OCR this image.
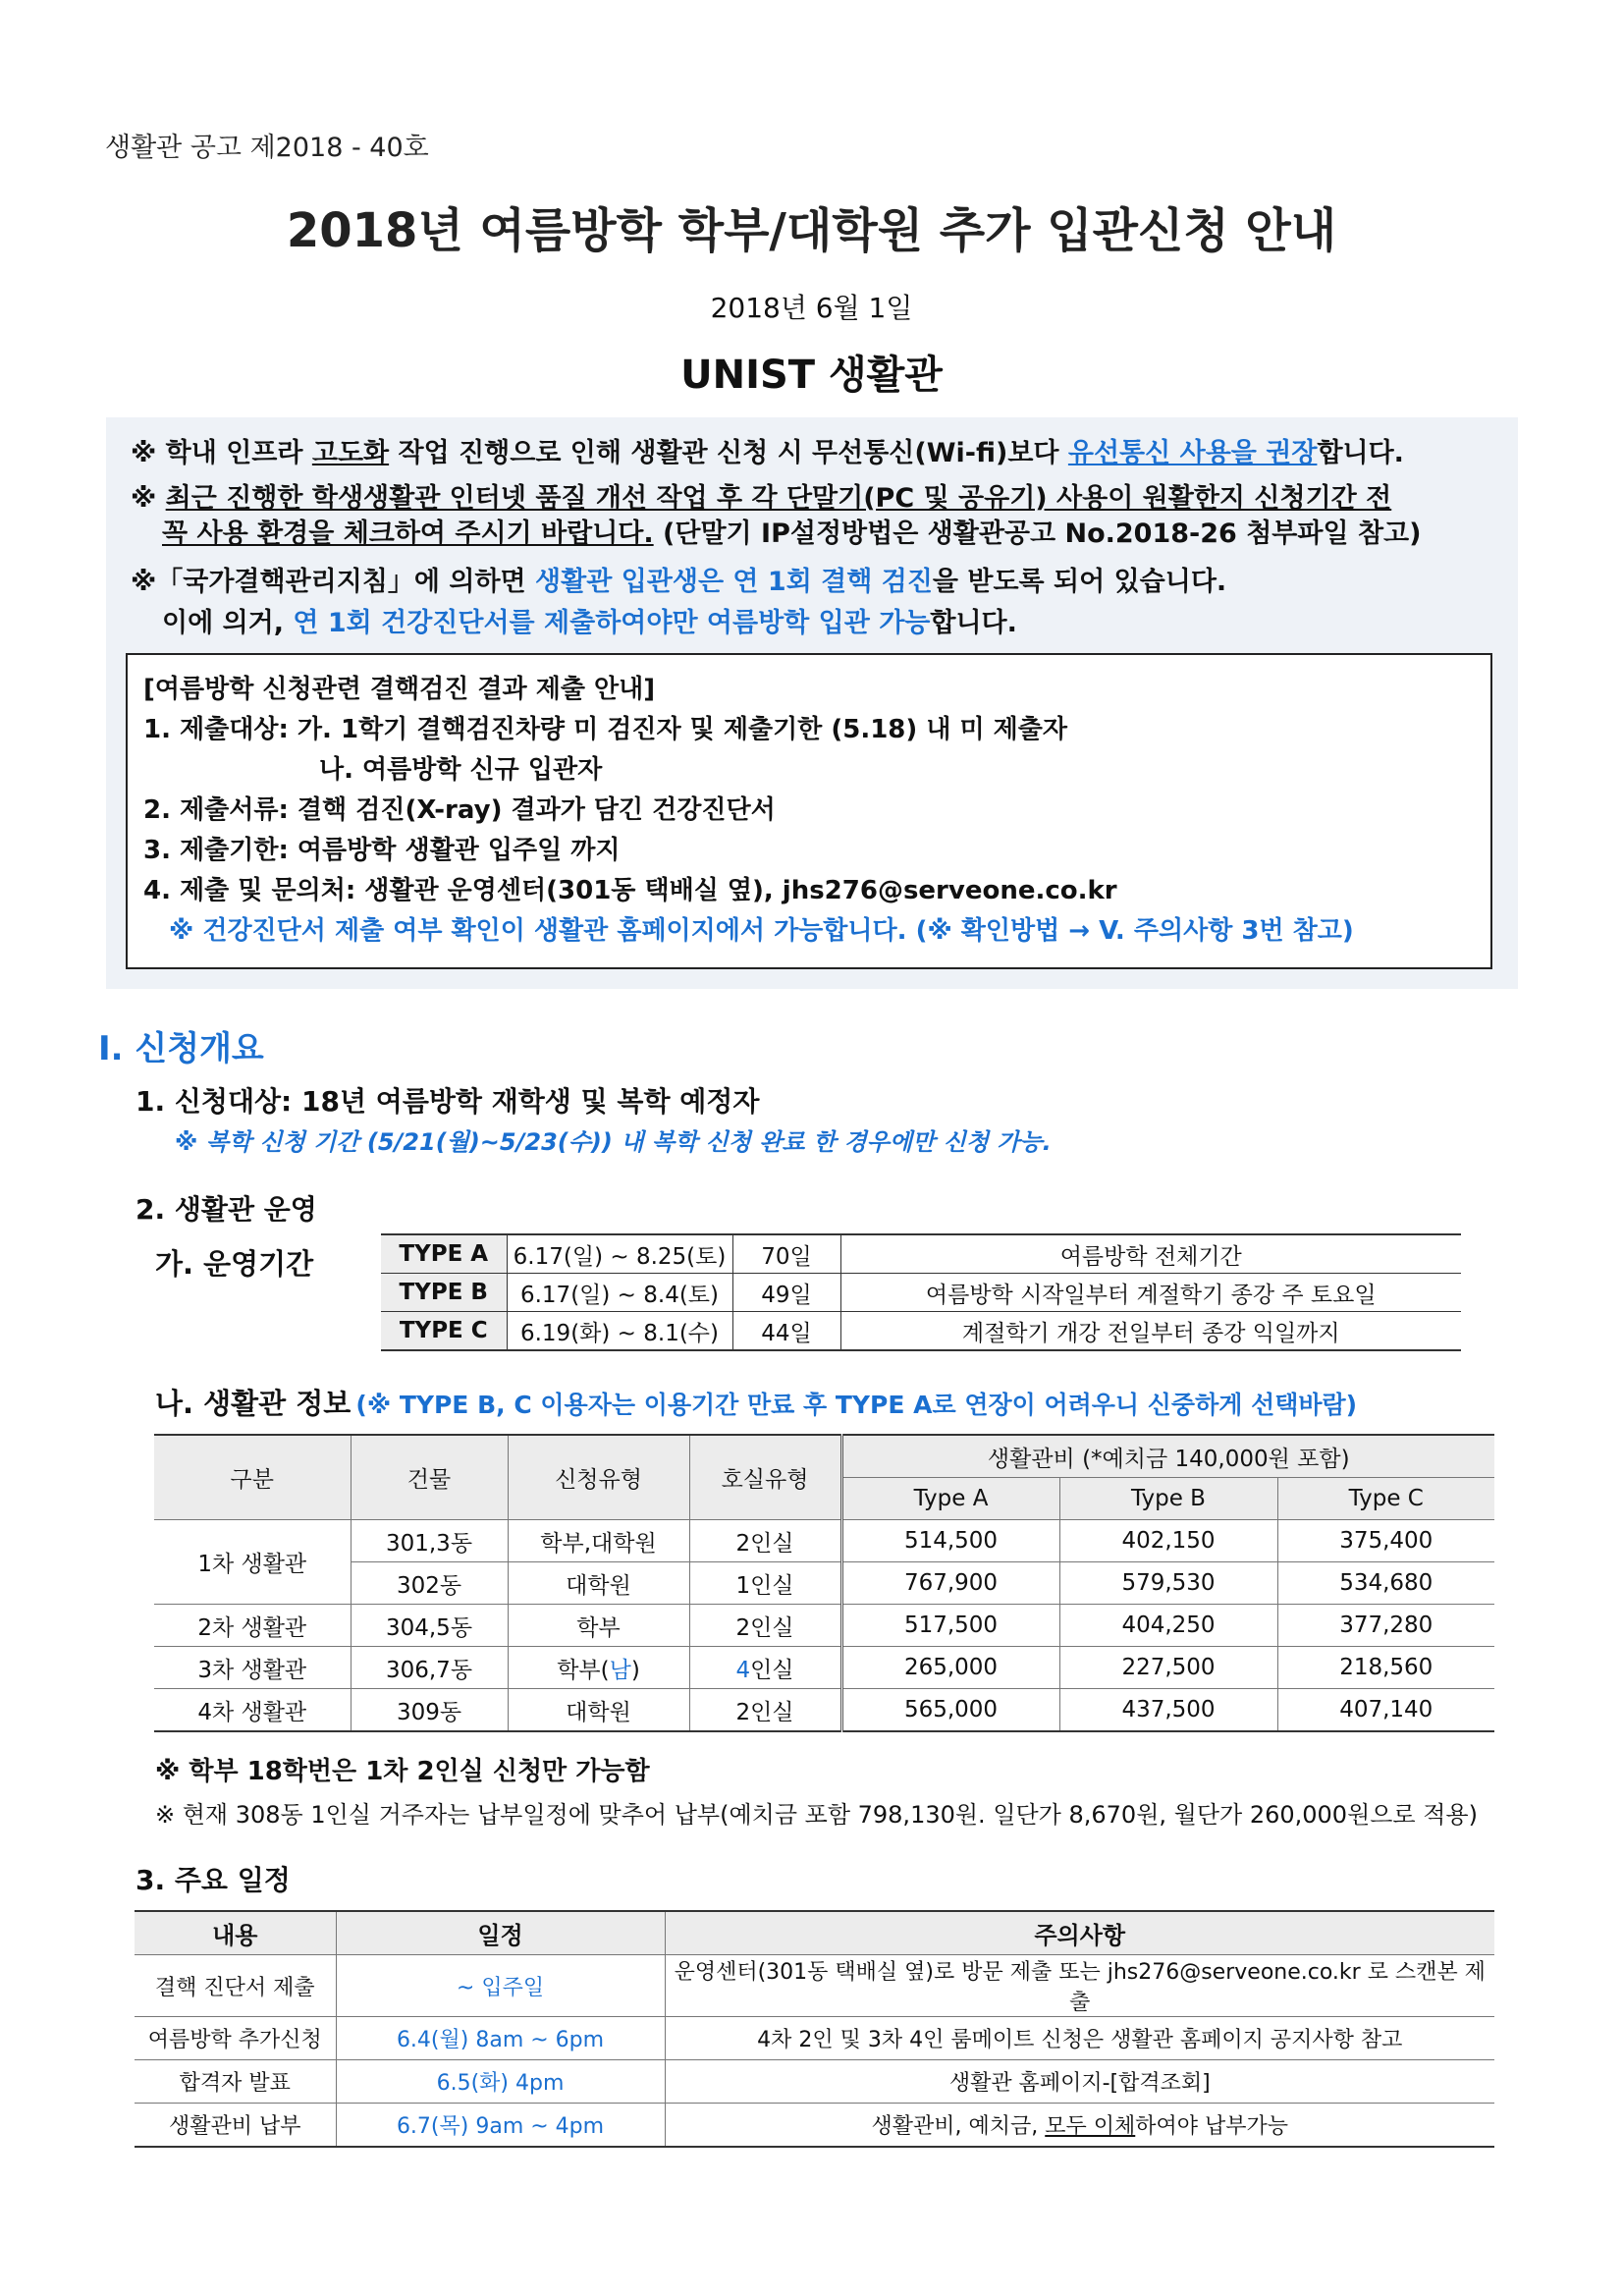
생활관 공고 제2018 - 40호
2018년 여름방학 학부/대학원 추가 입관신청 안내
2018년 6월 1일
UNIST 생활관
※ 학내 인프라 고도화 작업 진행으로 인해 생활관 신청 시 무선통신(Wi-fi)보다 유선통신 사용을 권장합니다.
※ 최근 진행한 학생생활관 인터넷 품질 개선 작업 후 각 단말기(PC 및 공유기) 사용이 원활한지 신청기간 전
꼭 사용 환경을 체크하여 주시기 바랍니다. (단말기 IP설정방법은 생활관공고 No.2018-26 첨부파일 참고)
※「국가결핵관리지침」에 의하면 생활관 입관생은 연 1회 결핵 검진을 받도록 되어 있습니다.
이에 의거, 연 1회 건강진단서를 제출하여야만 여름방학 입관 가능합니다.
[여름방학 신청관련 결핵검진 결과 제출 안내]
1. 제출대상: 가. 1학기 결핵검진차량 미 검진자 및 제출기한 (5.18) 내 미 제출자
나. 여름방학 신규 입관자
2. 제출서류: 결핵 검진(X-ray) 결과가 담긴 건강진단서
3. 제출기한: 여름방학 생활관 입주일 까지
4. 제출 및 문의처: 생활관 운영센터(301동 택배실 옆), jhs276@serveone.co.kr
※ 건강진단서 제출 여부 확인이 생활관 홈페이지에서 가능합니다. (※ 확인방법 → V. 주의사항 3번 참고)
Ⅰ. 신청개요
1. 신청대상: 18년 여름방학 재학생 및 복학 예정자
※ 복학 신청 기간 (5/21(월)~5/23(수)) 내 복학 신청 완료 한 경우에만 신청 가능.
2. 생활관 운영
가. 운영기간	TYPE A	6.17(일) ~ 8.25(토)	70일	여름방학 전체기간
TYPE B	6.17(일) ~ 8.4(토)	49일	여름방학 시작일부터 계절학기 종강 주 토요일
TYPE C	6.19(화) ~ 8.1(수)	44일	계절학기 개강 전일부터 종강 익일까지
나. 생활관 정보 (※ TYPE B, C 이용자는 이용기간 만료 후 TYPE A로 연장이 어려우니 신중하게 선택바람)
구분	건물	신청유형	호실유형	생활관비 (*예치금 140,000원 포함)		
				Type A	Type B	Type C
1차 생활관	301,3동	학부,대학원	2인실	514,500	402,150	375,400
	302동	대학원	1인실	767,900	579,530	534,680
2차 생활관	304,5동	학부	2인실	517,500	404,250	377,280
3차 생활관	306,7동	학부(남)	4인실	265,000	227,500	218,560
4차 생활관	309동	대학원	2인실	565,000	437,500	407,140
※ 학부 18학번은 1차 2인실 신청만 가능함
※ 현재 308동 1인실 거주자는 납부일정에 맞추어 납부(예치금 포함 798,130원. 일단가 8,670원, 월단가 260,000원으로 적용)
3. 주요 일정
내용	일정	주의사항
결핵 진단서 제출	~ 입주일	운영센터(301동 택배실 옆)로 방문 제출 또는 jhs276@serveone.co.kr 로 스캔본 제출
여름방학 추가신청	6.4(월) 8am ~ 6pm	4차 2인 및 3차 4인 룸메이트 신청은 생활관 홈페이지 공지사항 참고
합격자 발표	6.5(화) 4pm	생활관 홈페이지-[합격조회]
생활관비 납부	6.7(목) 9am ~ 4pm	생활관비, 예치금, 모두 이체하여야 납부가능
